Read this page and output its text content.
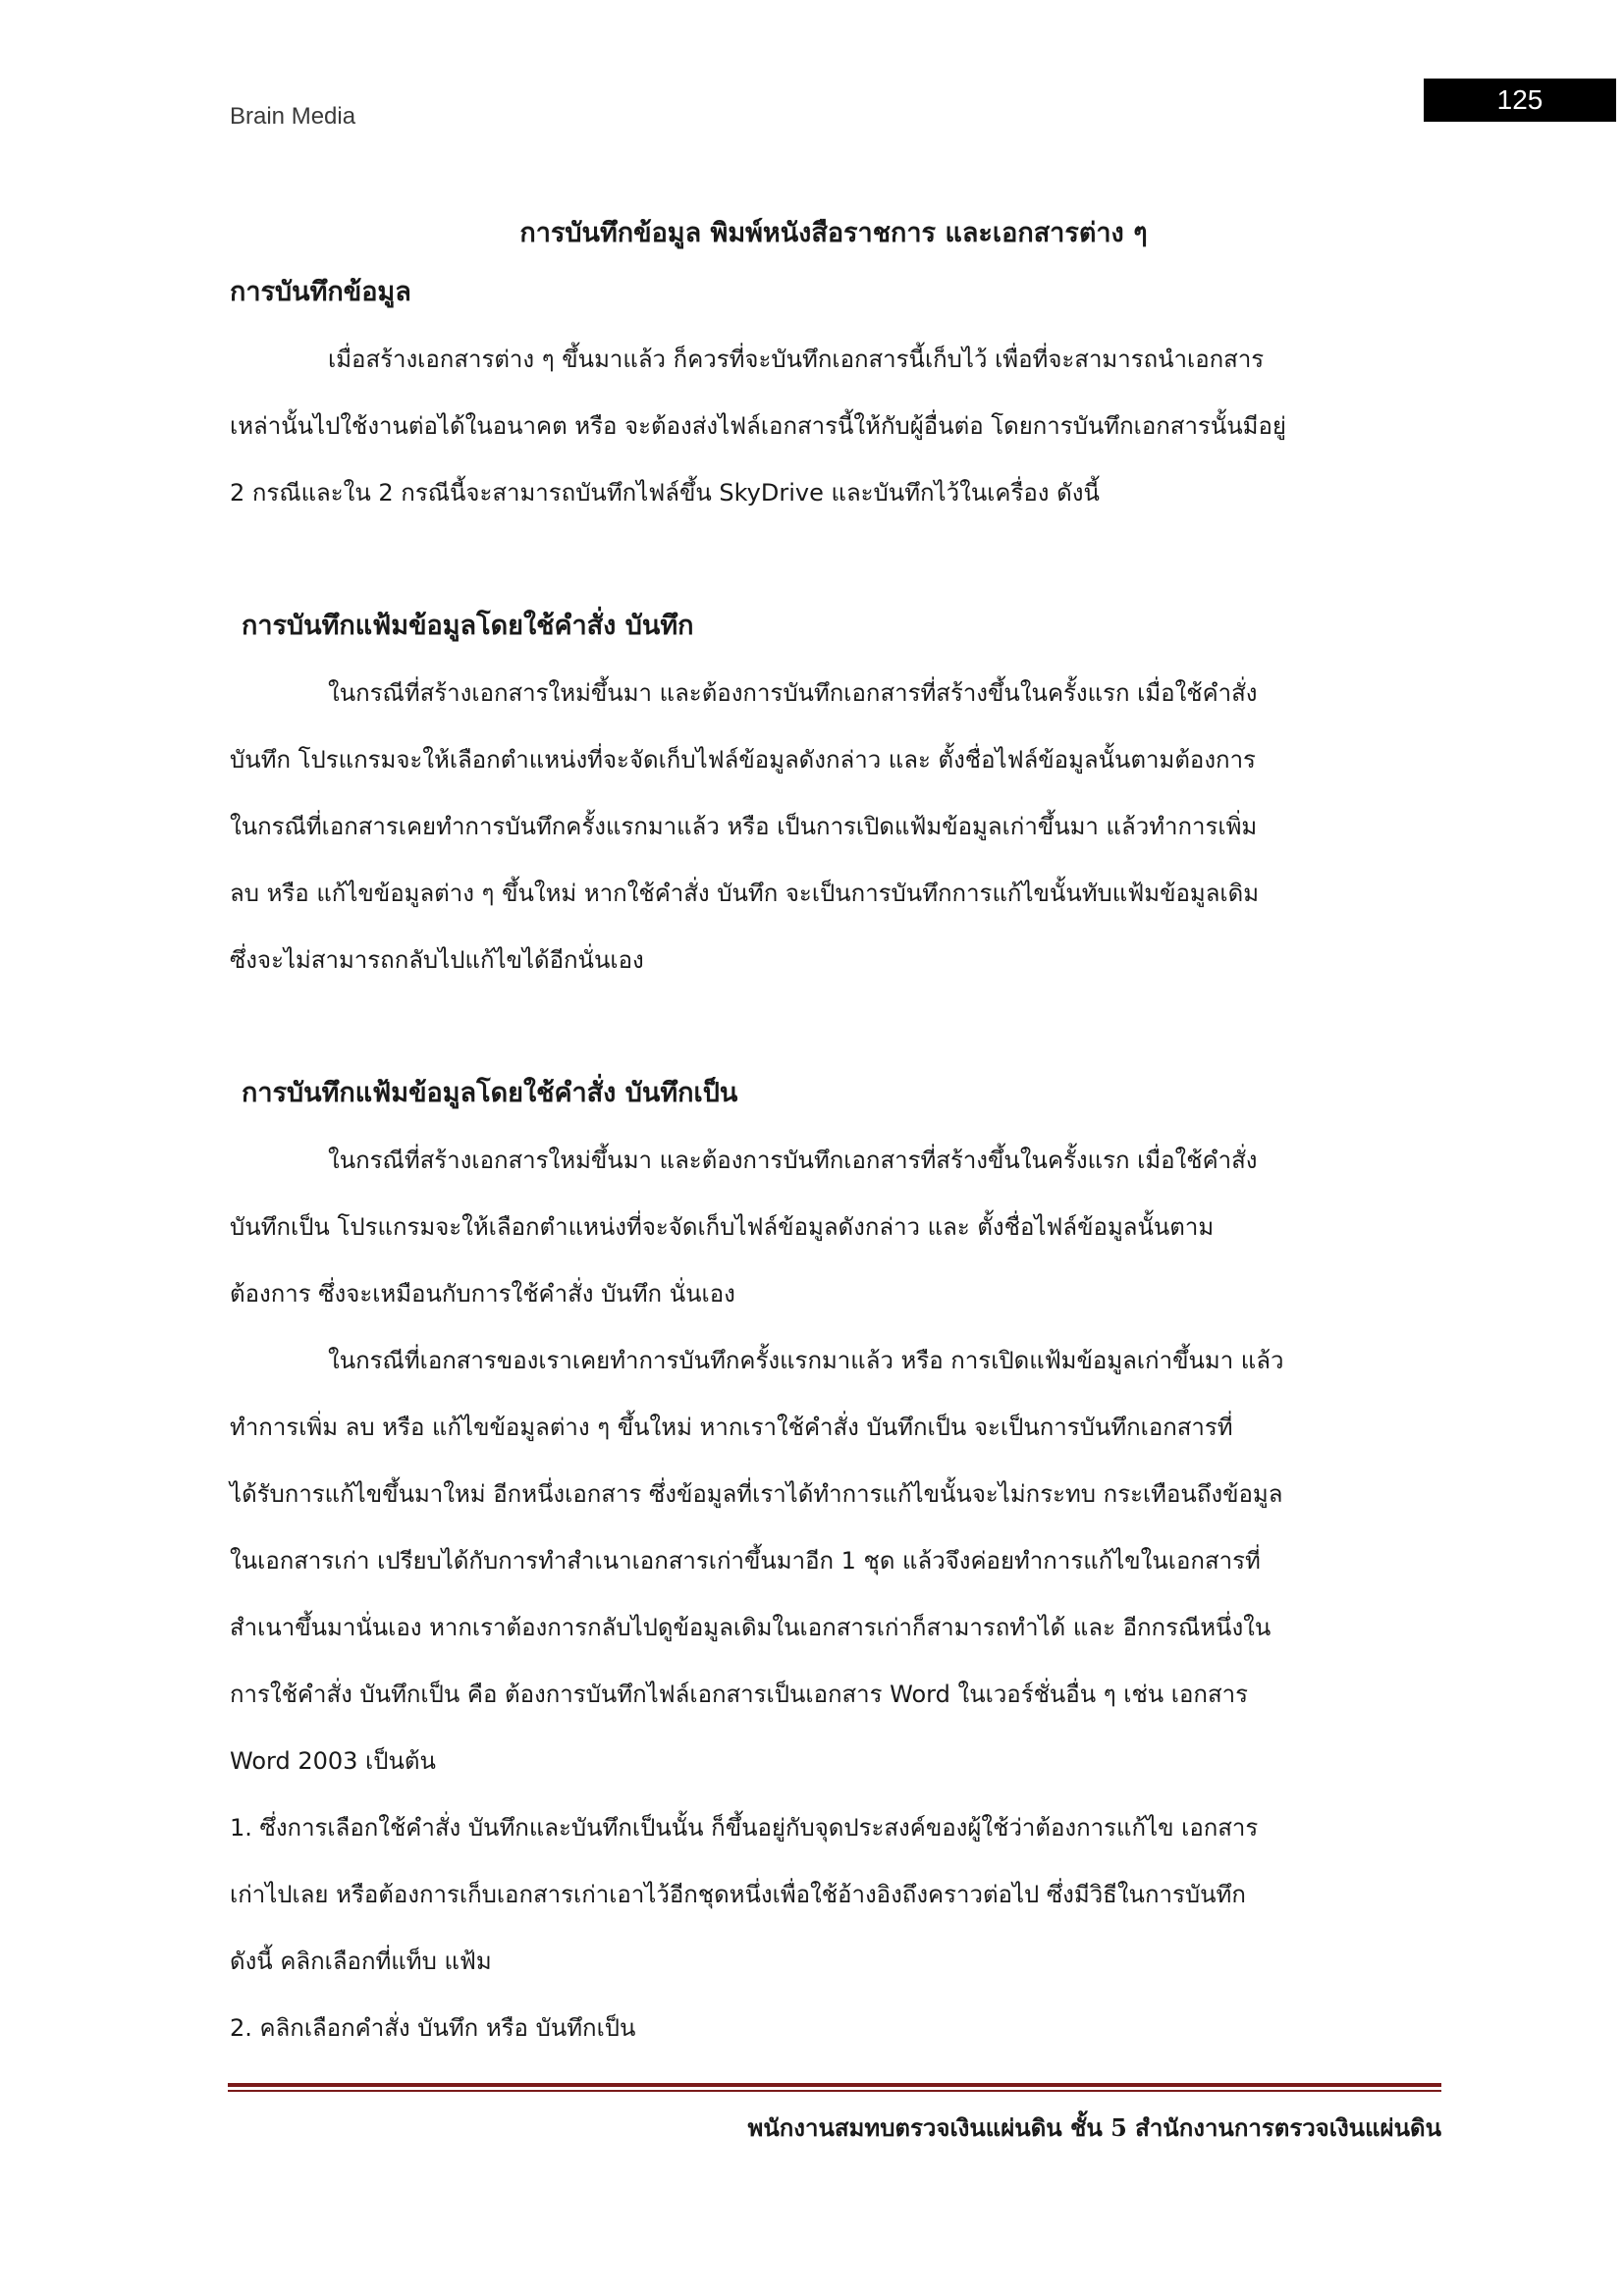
Brain Media
125
การบันทึกข้อมูล พิมพ์หนังสือราชการ และเอกสารต่าง ๆ
การบันทึกข้อมูล
เมื่อสร้างเอกสารต่าง ๆ ขึ้นมาแล้ว ก็ควรที่จะบันทึกเอกสารนี้เก็บไว้ เพื่อที่จะสามารถนำเอกสาร
เหล่านั้นไปใช้งานต่อได้ในอนาคต หรือ จะต้องส่งไฟล์เอกสารนี้ให้กับผู้อื่นต่อ โดยการบันทึกเอกสารนั้นมีอยู่
2 กรณีและใน 2 กรณีนี้จะสามารถบันทึกไฟล์ขึ้น SkyDrive และบันทึกไว้ในเครื่อง ดังนี้
การบันทึกแฟ้มข้อมูลโดยใช้คำสั่ง บันทึก
ในกรณีที่สร้างเอกสารใหม่ขึ้นมา และต้องการบันทึกเอกสารที่สร้างขึ้นในครั้งแรก เมื่อใช้คำสั่ง
บันทึก โปรแกรมจะให้เลือกตำแหน่งที่จะจัดเก็บไฟล์ข้อมูลดังกล่าว และ ตั้งชื่อไฟล์ข้อมูลนั้นตามต้องการ
ในกรณีที่เอกสารเคยทำการบันทึกครั้งแรกมาแล้ว หรือ เป็นการเปิดแฟ้มข้อมูลเก่าขึ้นมา แล้วทำการเพิ่ม
ลบ หรือ แก้ไขข้อมูลต่าง ๆ ขึ้นใหม่ หากใช้คำสั่ง บันทึก จะเป็นการบันทึกการแก้ไขนั้นทับแฟ้มข้อมูลเดิม
ซึ่งจะไม่สามารถกลับไปแก้ไขได้อีกนั่นเอง
การบันทึกแฟ้มข้อมูลโดยใช้คำสั่ง บันทึกเป็น
ในกรณีที่สร้างเอกสารใหม่ขึ้นมา และต้องการบันทึกเอกสารที่สร้างขึ้นในครั้งแรก เมื่อใช้คำสั่ง
บันทึกเป็น โปรแกรมจะให้เลือกตำแหน่งที่จะจัดเก็บไฟล์ข้อมูลดังกล่าว และ ตั้งชื่อไฟล์ข้อมูลนั้นตาม
ต้องการ ซึ่งจะเหมือนกับการใช้คำสั่ง บันทึก นั่นเอง
ในกรณีที่เอกสารของเราเคยทำการบันทึกครั้งแรกมาแล้ว หรือ การเปิดแฟ้มข้อมูลเก่าขึ้นมา แล้ว
ทำการเพิ่ม ลบ หรือ แก้ไขข้อมูลต่าง ๆ ขึ้นใหม่ หากเราใช้คำสั่ง บันทึกเป็น จะเป็นการบันทึกเอกสารที่
ได้รับการแก้ไขขึ้นมาใหม่ อีกหนึ่งเอกสาร ซึ่งข้อมูลที่เราได้ทำการแก้ไขนั้นจะไม่กระทบ กระเทือนถึงข้อมูล
ในเอกสารเก่า เปรียบได้กับการทำสำเนาเอกสารเก่าขึ้นมาอีก 1 ชุด แล้วจึงค่อยทำการแก้ไขในเอกสารที่
สำเนาขึ้นมานั่นเอง หากเราต้องการกลับไปดูข้อมูลเดิมในเอกสารเก่าก็สามารถทำได้ และ อีกกรณีหนึ่งใน
การใช้คำสั่ง บันทึกเป็น คือ ต้องการบันทึกไฟล์เอกสารเป็นเอกสาร Word ในเวอร์ชั่นอื่น ๆ เช่น เอกสาร
Word 2003 เป็นต้น
1. ซึ่งการเลือกใช้คำสั่ง บันทึกและบันทึกเป็นนั้น ก็ขึ้นอยู่กับจุดประสงค์ของผู้ใช้ว่าต้องการแก้ไข เอกสาร
เก่าไปเลย หรือต้องการเก็บเอกสารเก่าเอาไว้อีกชุดหนึ่งเพื่อใช้อ้างอิงถึงคราวต่อไป ซึ่งมีวิธีในการบันทึก
ดังนี้ คลิกเลือกที่แท็บ แฟ้ม
2. คลิกเลือกคำสั่ง บันทึก หรือ บันทึกเป็น
พนักงานสมทบตรวจเงินแผ่นดิน ชั้น 5 สำนักงานการตรวจเงินแผ่นดิน
